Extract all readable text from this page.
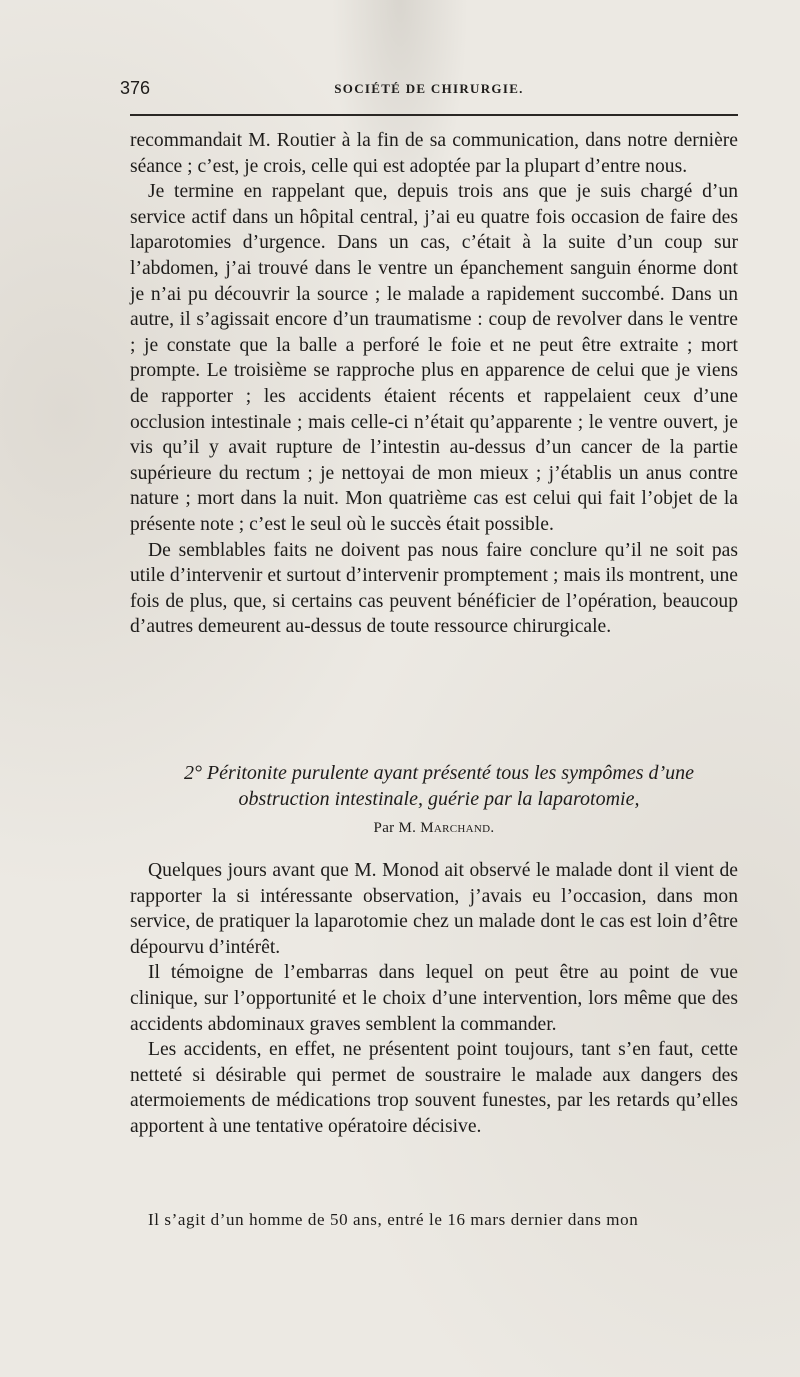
376	SOCIÉTÉ DE CHIRURGIE.

recommandait M. Routier à la fin de sa communication, dans notre dernière séance ; c’est, je crois, celle qui est adoptée par la plupart d’entre nous.

Je termine en rappelant que, depuis trois ans que je suis chargé d’un service actif dans un hôpital central, j’ai eu quatre fois occasion de faire des laparotomies d’urgence. Dans un cas, c’était à la suite d’un coup sur l’abdomen, j’ai trouvé dans le ventre un épanchement sanguin énorme dont je n’ai pu découvrir la source ; le malade a rapidement succombé. Dans un autre, il s’agissait encore d’un traumatisme : coup de revolver dans le ventre ; je constate que la balle a perforé le foie et ne peut être extraite ; mort prompte. Le troisième se rapproche plus en apparence de celui que je viens de rapporter ; les accidents étaient récents et rappelaient ceux d’une occlusion intestinale ; mais celle-ci n’était qu’apparente ; le ventre ouvert, je vis qu’il y avait rupture de l’intestin au-dessus d’un cancer de la partie supérieure du rectum ; je nettoyai de mon mieux ; j’établis un anus contre nature ; mort dans la nuit. Mon quatrième cas est celui qui fait l’objet de la présente note ; c’est le seul où le succès était possible.

De semblables faits ne doivent pas nous faire conclure qu’il ne soit pas utile d’intervenir et surtout d’intervenir promptement ; mais ils montrent, une fois de plus, que, si certains cas peuvent bénéficier de l’opération, beaucoup d’autres demeurent au-dessus de toute ressource chirurgicale.

2° Péritonite purulente ayant présenté tous les sympômes d’une
obstruction intestinale, guérie par la laparotomie,
Par M. Marchand.

Quelques jours avant que M. Monod ait observé le malade dont il vient de rapporter la si intéressante observation, j’avais eu l’occasion, dans mon service, de pratiquer la laparotomie chez un malade dont le cas est loin d’être dépourvu d’intérêt.

Il témoigne de l’embarras dans lequel on peut être au point de vue clinique, sur l’opportunité et le choix d’une intervention, lors même que des accidents abdominaux graves semblent la commander.

Les accidents, en effet, ne présentent point toujours, tant s’en faut, cette netteté si désirable qui permet de soustraire le malade aux dangers des atermoiements de médications trop souvent funestes, par les retards qu’elles apportent à une tentative opératoire décisive.

Il s’agit d’un homme de 50 ans, entré le 16 mars dernier dans mon
